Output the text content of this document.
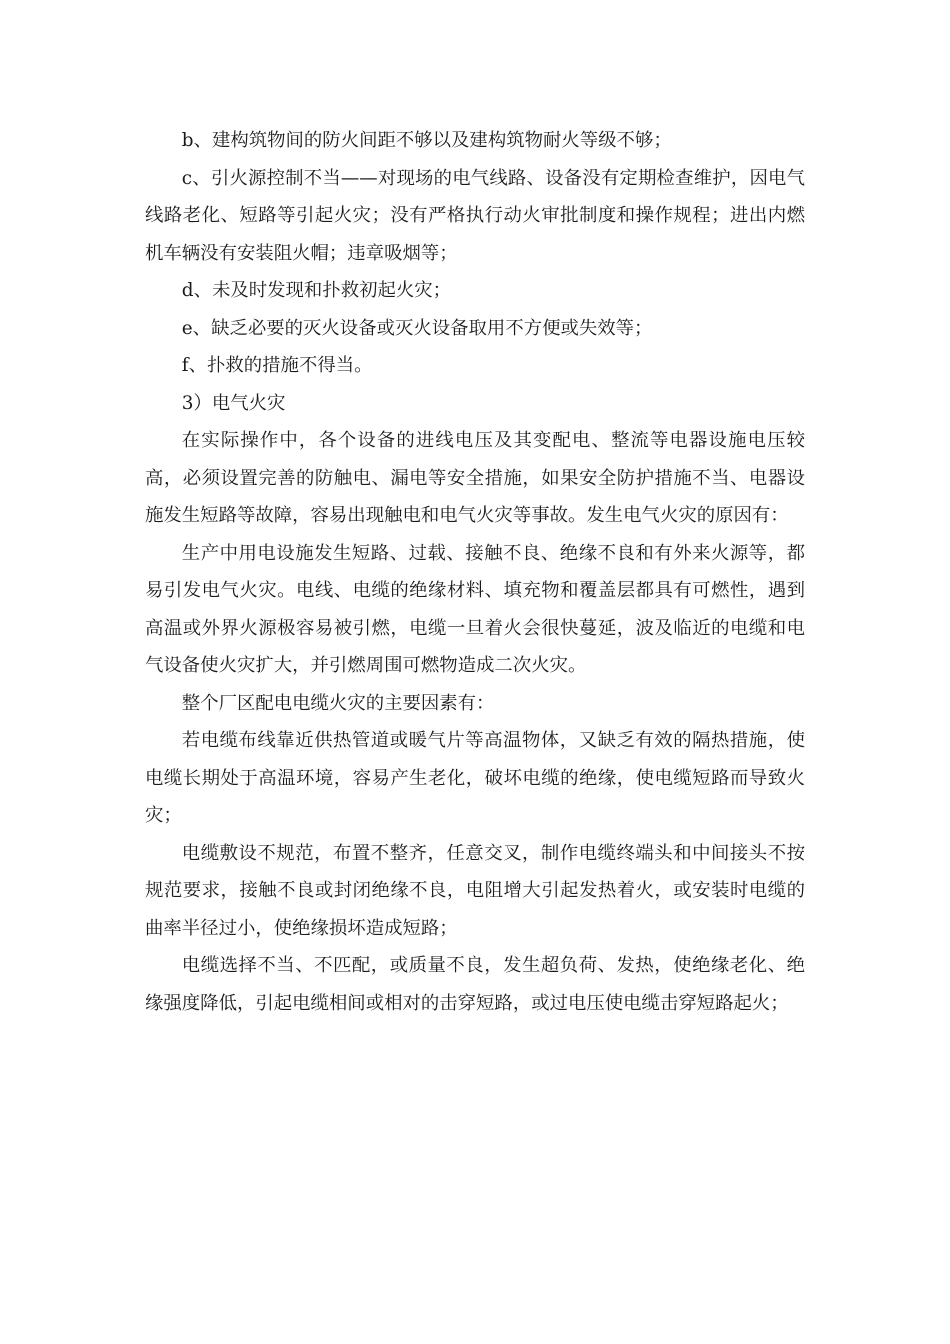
b、建构筑物间的防火间距不够以及建构筑物耐火等级不够；

c、引火源控制不当——对现场的电气线路、设备没有定期检查维护，因电气线路老化、短路等引起火灾；没有严格执行动火审批制度和操作规程；进出内燃机车辆没有安装阻火帽；违章吸烟等；

d、未及时发现和扑救初起火灾；

e、缺乏必要的灭火设备或灭火设备取用不方便或失效等；

f、扑救的措施不得当。

3）电气火灾

在实际操作中，各个设备的进线电压及其变配电、整流等电器设施电压较高，必须设置完善的防触电、漏电等安全措施，如果安全防护措施不当、电器设施发生短路等故障，容易出现触电和电气火灾等事故。发生电气火灾的原因有：

生产中用电设施发生短路、过载、接触不良、绝缘不良和有外来火源等，都易引发电气火灾。电线、电缆的绝缘材料、填充物和覆盖层都具有可燃性，遇到高温或外界火源极容易被引燃，电缆一旦着火会很快蔓延，波及临近的电缆和电气设备使火灾扩大，并引燃周围可燃物造成二次火灾。

整个厂区配电电缆火灾的主要因素有：

若电缆布线靠近供热管道或暖气片等高温物体，又缺乏有效的隔热措施，使电缆长期处于高温环境，容易产生老化，破坏电缆的绝缘，使电缆短路而导致火灾；

电缆敷设不规范，布置不整齐，任意交叉，制作电缆终端头和中间接头不按规范要求，接触不良或封闭绝缘不良，电阻增大引起发热着火，或安装时电缆的曲率半径过小，使绝缘损坏造成短路；

电缆选择不当、不匹配，或质量不良，发生超负荷、发热，使绝缘老化、绝缘强度降低，引起电缆相间或相对的击穿短路，或过电压使电缆击穿短路起火；
